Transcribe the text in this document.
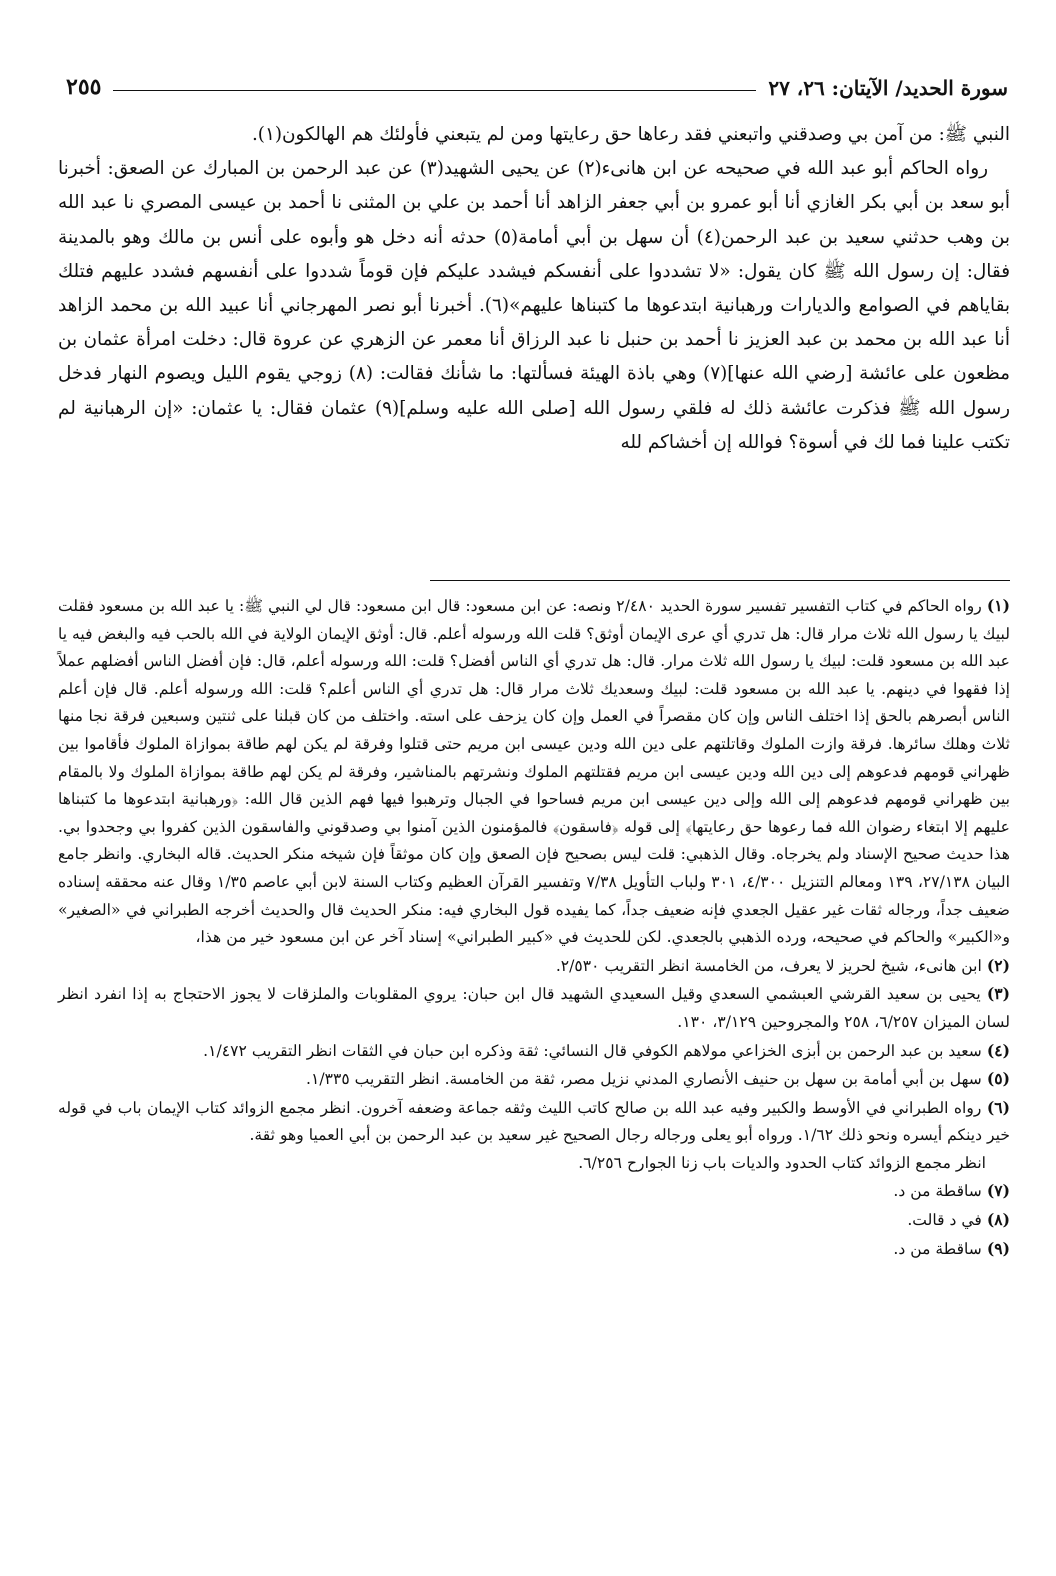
سورة الحديد/ الآيتان: ٢٦، ٢٧
٢٥٥

النبي ﷺ: من آمن بي وصدقني واتبعني فقد رعاها حق رعايتها ومن لم يتبعني فأولئك هم الهالكون(١).

رواه الحاكم أبو عبد الله في صحيحه عن ابن هانىء(٢) عن يحيى الشهيد(٣) عن عبد الرحمن بن المبارك عن الصعق: أخبرنا أبو سعد بن أبي بكر الغازي أنا أبو عمرو بن أبي جعفر الزاهد أنا أحمد بن علي بن المثنى نا أحمد بن عيسى المصري نا عبد الله بن وهب حدثني سعيد بن عبد الرحمن(٤) أن سهل بن أبي أمامة(٥) حدثه أنه دخل هو وأبوه على أنس بن مالك وهو بالمدينة فقال: إن رسول الله ﷺ كان يقول: «لا تشددوا على أنفسكم فيشدد عليكم فإن قوماً شددوا على أنفسهم فشدد عليهم فتلك بقاياهم في الصوامع والديارات ورهبانية ابتدعوها ما كتبناها عليهم»(٦). أخبرنا أبو نصر المهرجاني أنا عبيد الله بن محمد الزاهد أنا عبد الله بن محمد بن عبد العزيز نا أحمد بن حنبل نا عبد الرزاق أنا معمر عن الزهري عن عروة قال: دخلت امرأة عثمان بن مظعون على عائشة [رضي الله عنها](٧) وهي باذة الهيئة فسألتها: ما شأنك فقالت: (٨) زوجي يقوم الليل ويصوم النهار فدخل رسول الله ﷺ فذكرت عائشة ذلك له فلقي رسول الله [صلى الله عليه وسلم](٩) عثمان فقال: يا عثمان: «إن الرهبانية لم تكتب علينا فما لك في أسوة؟ فوالله إن أخشاكم لله

(١) رواه الحاكم في كتاب التفسير تفسير سورة الحديد ٢/٤٨٠ ونصه: عن ابن مسعود: قال ابن مسعود: قال لي النبي ﷺ: يا عبد الله بن مسعود فقلت لبيك يا رسول الله ثلاث مرار قال: هل تدري أي عرى الإيمان أوثق؟ قلت الله ورسوله أعلم. قال: أوثق الإيمان الولاية في الله بالحب فيه والبغض فيه يا عبد الله بن مسعود قلت: لبيك يا رسول الله ثلاث مرار. قال: هل تدري أي الناس أفضل؟ قلت: الله ورسوله أعلم، قال: فإن أفضل الناس أفضلهم عملاً إذا فقهوا في دينهم. يا عبد الله بن مسعود قلت: لبيك وسعديك ثلاث مرار قال: هل تدري أي الناس أعلم؟ قلت: الله ورسوله أعلم. قال فإن أعلم الناس أبصرهم بالحق إذا اختلف الناس وإن كان مقصراً في العمل وإن كان يزحف على استه. واختلف من كان قبلنا على ثنتين وسبعين فرقة نجا منها ثلاث وهلك سائرها. فرقة وازت الملوك وقاتلتهم على دين الله ودين عيسى ابن مريم حتى قتلوا وفرقة لم يكن لهم طاقة بموازاة الملوك فأقاموا بين ظهراني قومهم فدعوهم إلى دين الله ودين عيسى ابن مريم فقتلتهم الملوك ونشرتهم بالمناشير، وفرقة لم يكن لهم طاقة بموازاة الملوك ولا بالمقام بين ظهراني قومهم فدعوهم إلى الله وإلى دين عيسى ابن مريم فساحوا في الجبال وترهبوا فيها فهم الذين قال الله: ﴿ورهبانية ابتدعوها ما كتبناها عليهم إلا ابتغاء رضوان الله فما رعوها حق رعايتها﴾ إلى قوله ﴿فاسقون﴾ فالمؤمنون الذين آمنوا بي وصدقوني والفاسقون الذين كفروا بي وجحدوا بي. هذا حديث صحيح الإسناد ولم يخرجاه. وقال الذهبي: قلت ليس بصحيح فإن الصعق وإن كان موثقاً فإن شيخه منكر الحديث. قاله البخاري. وانظر جامع البيان ٢٧/١٣٨، ١٣٩ ومعالم التنزيل ٤/٣٠٠، ٣٠١ ولباب التأويل ٧/٣٨ وتفسير القرآن العظيم وكتاب السنة لابن أبي عاصم ١/٣٥ وقال عنه محققه إسناده ضعيف جداً، ورجاله ثقات غير عقيل الجعدي فإنه ضعيف جداً، كما يفيده قول البخاري فيه: منكر الحديث قال والحديث أخرجه الطبراني في «الصغير» و«الكبير» والحاكم في صحيحه، ورده الذهبي بالجعدي. لكن للحديث في «كبير الطبراني» إسناد آخر عن ابن مسعود خير من هذا،
(٢) ابن هانىء، شيخ لحريز لا يعرف، من الخامسة انظر التقريب ٢/٥٣٠.
(٣) يحيى بن سعيد القرشي العبشمي السعدي وقيل السعيدي الشهيد قال ابن حبان: يروي المقلوبات والملزقات لا يجوز الاحتجاج به إذا انفرد انظر لسان الميزان ٦/٢٥٧، ٢٥٨ والمجروحين ٣/١٢٩، ١٣٠.
(٤) سعيد بن عبد الرحمن بن أبزى الخزاعي مولاهم الكوفي قال النسائي: ثقة وذكره ابن حبان في الثقات انظر التقريب ١/٤٧٢.
(٥) سهل بن أبي أمامة بن سهل بن حنيف الأنصاري المدني نزيل مصر، ثقة من الخامسة. انظر التقريب ١/٣٣٥.
(٦) رواه الطبراني في الأوسط والكبير وفيه عبد الله بن صالح كاتب الليث وثقه جماعة وضعفه آخرون. انظر مجمع الزوائد كتاب الإيمان باب في قوله خير دينكم أيسره ونحو ذلك ١/٦٢. ورواه أبو يعلى ورجاله رجال الصحيح غير سعيد بن عبد الرحمن بن أبي العميا وهو ثقة.
انظر مجمع الزوائد كتاب الحدود والديات باب زنا الجوارح ٦/٢٥٦.
(٧) ساقطة من د.
(٨) في د قالت.
(٩) ساقطة من د.
